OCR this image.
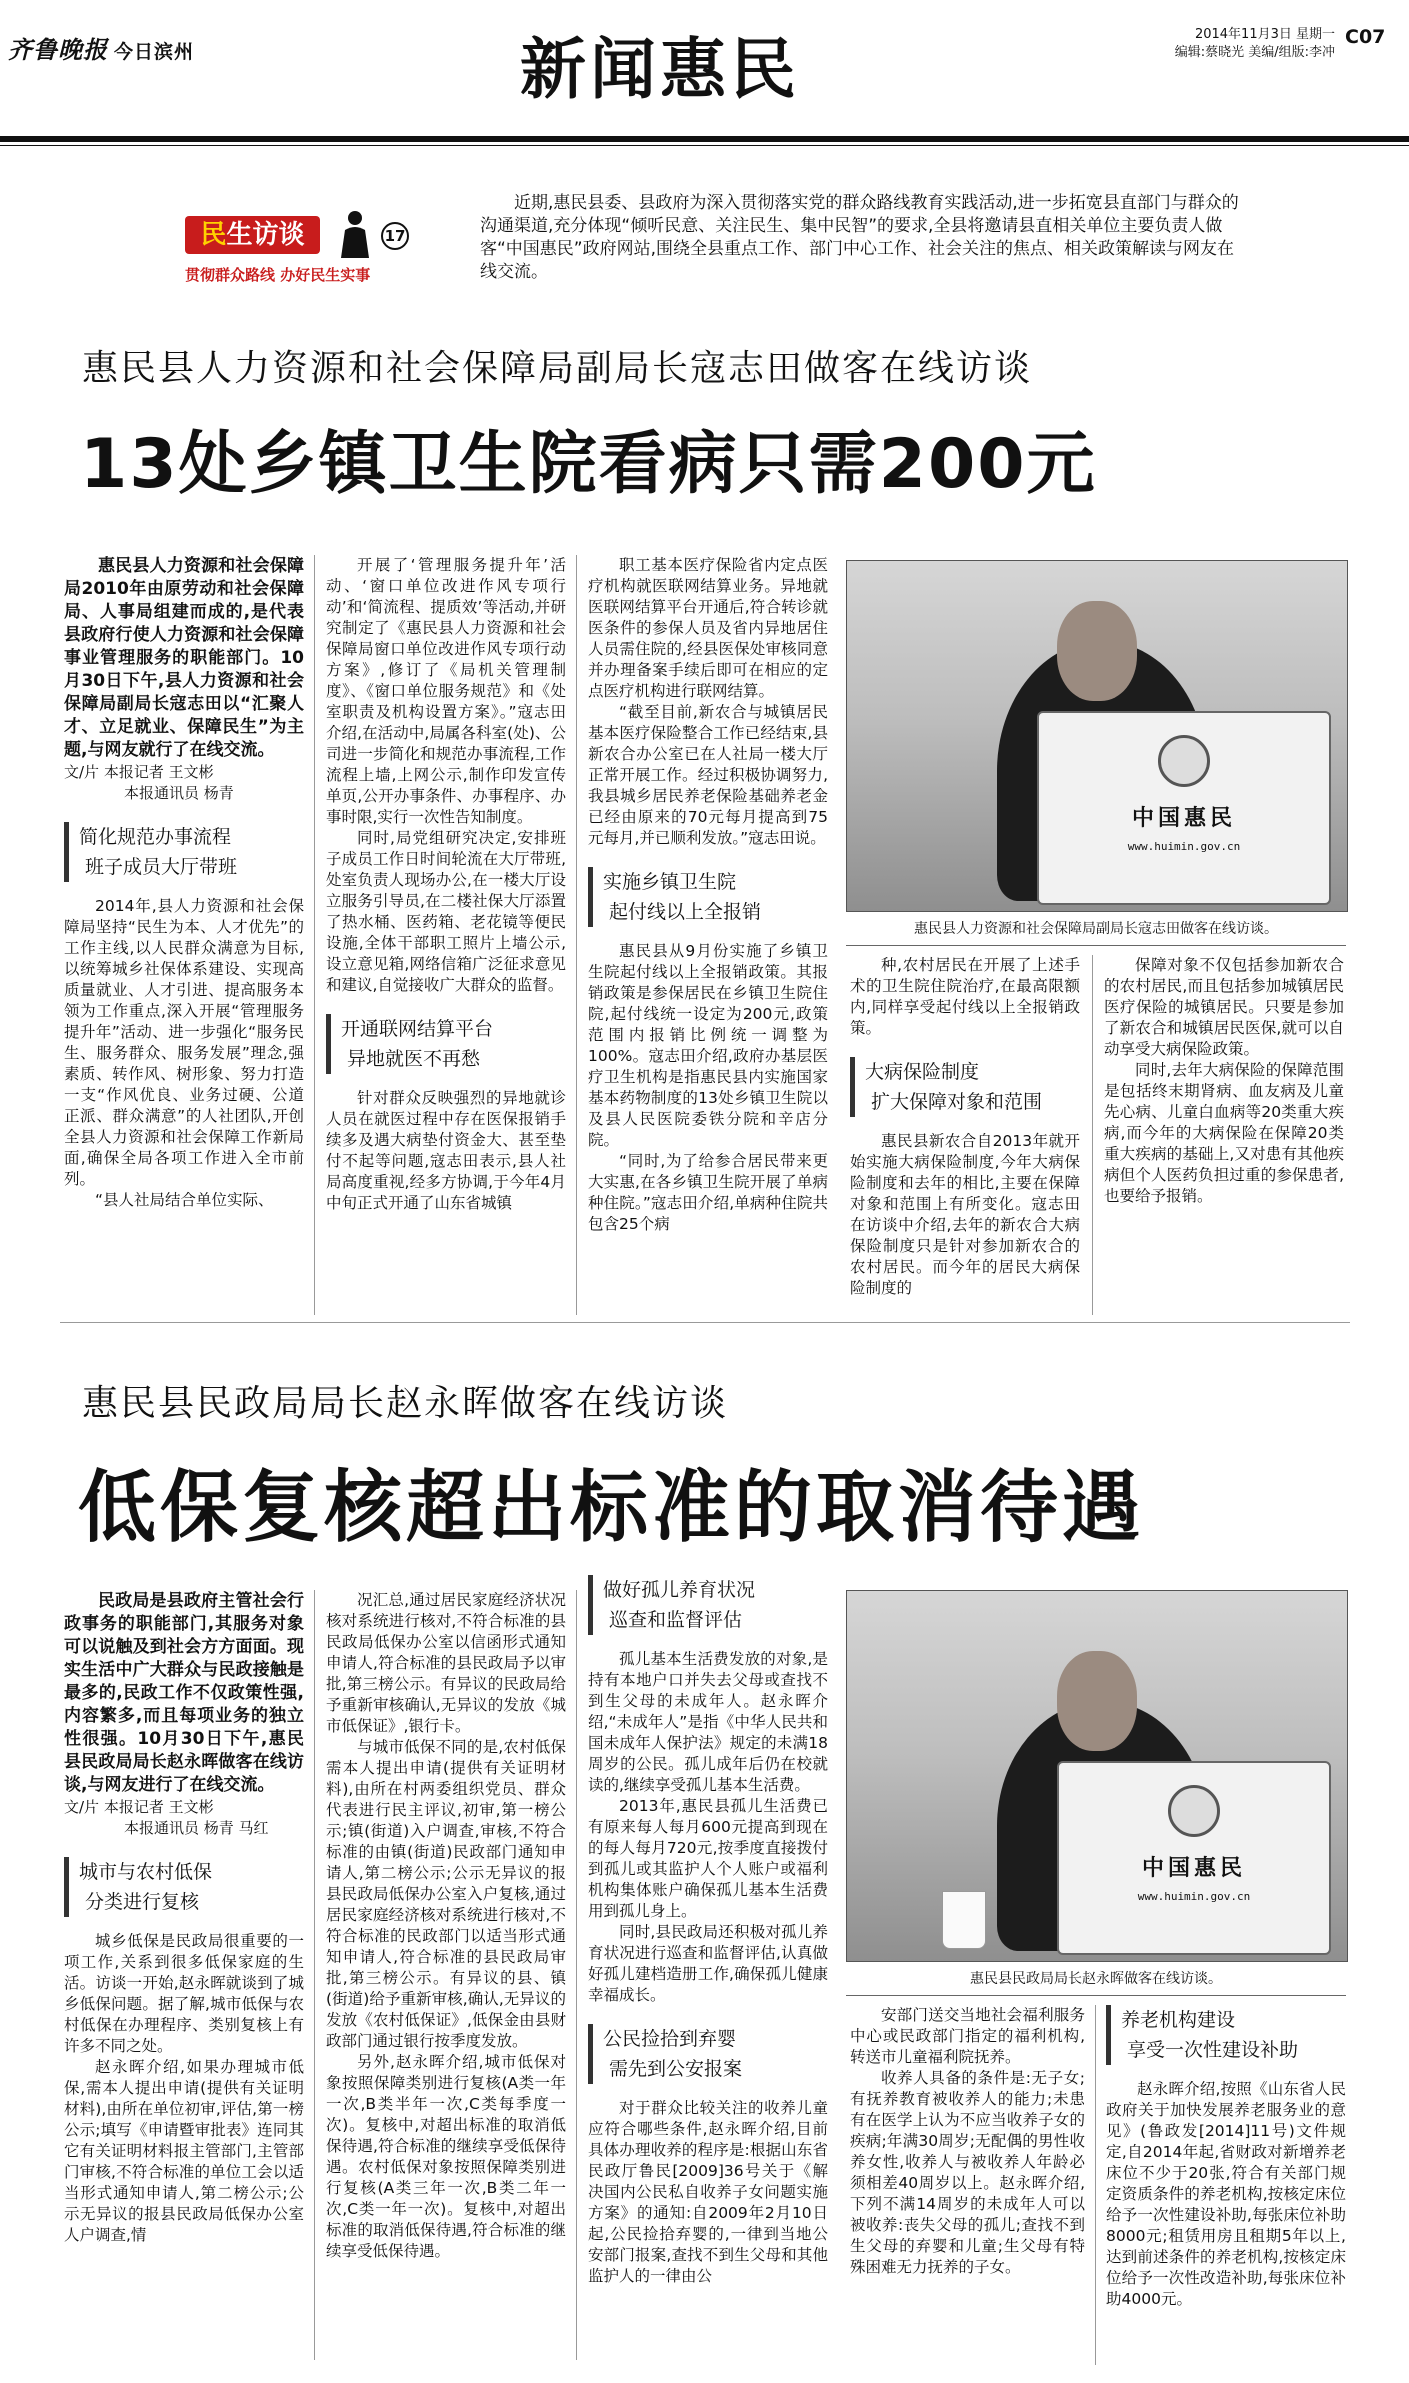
齐鲁晚报 今日滨州	新闻惠民	2014年11月3日 星期一
编辑:蔡晓光 美编/组版:李冲
C07
民生访谈	17
贯彻群众路线 办好民生实事
近期,惠民县委、县政府为深入贯彻落实党的群众路线教育实践活动,进一步拓宽县直部门与群众的沟通渠道,充分体现“倾听民意、关注民生、集中民智”的要求,全县将邀请县直相关单位主要负责人做客“中国惠民”政府网站,围绕全县重点工作、部门中心工作、社会关注的焦点、相关政策解读与网友在线交流。
惠民县人力资源和社会保障局副局长寇志田做客在线访谈
13处乡镇卫生院看病只需200元

惠民县人力资源和社会保障局2010年由原劳动和社会保障局、人事局组建而成的,是代表县政府行使人力资源和社会保障事业管理服务的职能部门。10月30日下午,县人力资源和社会保障局副局长寇志田以“汇聚人才、立足就业、保障民生”为主题,与网友就行了在线交流。

文/片 本报记者 王文彬
本报通讯员 杨青

简化规范办事流程
班子成员大厅带班

2014年,县人力资源和社会保障局坚持“民生为本、人才优先”的工作主线,以人民群众满意为目标,以统筹城乡社保体系建设、实现高质量就业、人才引进、提高服务本领为工作重点,深入开展“管理服务提升年”活动、进一步强化“服务民生、服务群众、服务发展”理念,强素质、转作风、树形象、努力打造一支“作风优良、业务过硬、公道正派、群众满意”的人社团队,开创全县人力资源和社会保障工作新局面,确保全局各项工作进入全市前列。

“县人社局结合单位实际、

开展了‘管理服务提升年’活动、‘窗口单位改进作风专项行动’和‘简流程、提质效’等活动,并研究制定了《惠民县人力资源和社会保障局窗口单位改进作风专项行动方案》,修订了《局机关管理制度》、《窗口单位服务规范》和《处室职责及机构设置方案》。”寇志田介绍,在活动中,局属各科室(处)、公司进一步简化和规范办事流程,工作流程上墙,上网公示,制作印发宣传单页,公开办事条件、办事程序、办事时限,实行一次性告知制度。

同时,局党组研究决定,安排班子成员工作日时间轮流在大厅带班,处室负责人现场办公,在一楼大厅设立服务引导员,在二楼社保大厅添置了热水桶、医药箱、老花镜等便民设施,全体干部职工照片上墙公示,设立意见箱,网络信箱广泛征求意见和建议,自觉接收广大群众的监督。

开通联网结算平台
异地就医不再愁

针对群众反映强烈的异地就诊人员在就医过程中存在医保报销手续多及遇大病垫付资金大、甚至垫付不起等问题,寇志田表示,县人社局高度重视,经多方协调,于今年4月中旬正式开通了山东省城镇

职工基本医疗保险省内定点医疗机构就医联网结算业务。异地就医联网结算平台开通后,符合转诊就医条件的参保人员及省内异地居住人员需住院的,经县医保处审核同意并办理备案手续后即可在相应的定点医疗机构进行联网结算。

“截至目前,新农合与城镇居民基本医疗保险整合工作已经结束,县新农合办公室已在人社局一楼大厅正常开展工作。经过积极协调努力,我县城乡居民养老保险基础养老金已经由原来的70元每月提高到75元每月,并已顺利发放。”寇志田说。

实施乡镇卫生院
起付线以上全报销

惠民县从9月份实施了乡镇卫生院起付线以上全报销政策。其报销政策是参保居民在乡镇卫生院住院,起付线统一设定为200元,政策范围内报销比例统一调整为100%。寇志田介绍,政府办基层医疗卫生机构是指惠民县内实施国家基本药物制度的13处乡镇卫生院以及县人民医院委铁分院和辛店分院。

“同时,为了给参合居民带来更大实惠,在各乡镇卫生院开展了单病种住院。”寇志田介绍,单病种住院共包含25个病

中国惠民
www.huimin.gov.cn
惠民县人力资源和社会保障局副局长寇志田做客在线访谈。

种,农村居民在开展了上述手术的卫生院住院治疗,在最高限额内,同样享受起付线以上全报销政策。

大病保险制度
扩大保障对象和范围

惠民县新农合自2013年就开始实施大病保险制度,今年大病保险制度和去年的相比,主要在保障对象和范围上有所变化。寇志田在访谈中介绍,去年的新农合大病保险制度只是针对参加新农合的农村居民。而今年的居民大病保险制度的

保障对象不仅包括参加新农合的农村居民,而且包括参加城镇居民医疗保险的城镇居民。只要是参加了新农合和城镇居民医保,就可以自动享受大病保险政策。

同时,去年大病保险的保障范围是包括终末期肾病、血友病及儿童先心病、儿童白血病等20类重大疾病,而今年的大病保险在保障20类重大疾病的基础上,又对患有其他疾病但个人医药负担过重的参保患者,也要给予报销。

惠民县民政局局长赵永晖做客在线访谈
低保复核超出标准的取消待遇

民政局是县政府主管社会行政事务的职能部门,其服务对象可以说触及到社会方方面面。现实生活中广大群众与民政接触是最多的,民政工作不仅政策性强,内容繁多,而且每项业务的独立性很强。10月30日下午,惠民县民政局局长赵永晖做客在线访谈,与网友进行了在线交流。

文/片 本报记者 王文彬
本报通讯员 杨青 马红

城市与农村低保
分类进行复核

城乡低保是民政局很重要的一项工作,关系到很多低保家庭的生活。访谈一开始,赵永晖就谈到了城乡低保问题。据了解,城市低保与农村低保在办理程序、类别复核上有许多不同之处。

赵永晖介绍,如果办理城市低保,需本人提出申请(提供有关证明材料),由所在单位初审,评估,第一榜公示;填写《申请暨审批表》连同其它有关证明材料报主管部门,主管部门审核,不符合标准的单位工会以适当形式通知申请人,第二榜公示;公示无异议的报县民政局低保办公室人户调查,情

况汇总,通过居民家庭经济状况核对系统进行核对,不符合标准的县民政局低保办公室以信函形式通知申请人,符合标准的县民政局予以审批,第三榜公示。有异议的民政局给予重新审核确认,无异议的发放《城市低保证》,银行卡。

与城市低保不同的是,农村低保需本人提出申请(提供有关证明材料),由所在村两委组织党员、群众代表进行民主评议,初审,第一榜公示;镇(街道)入户调查,审核,不符合标准的由镇(街道)民政部门通知申请人,第二榜公示;公示无异议的报县民政局低保办公室入户复核,通过居民家庭经济核对系统进行核对,不符合标准的民政部门以适当形式通知申请人,符合标准的县民政局审批,第三榜公示。有异议的县、镇(街道)给予重新审核,确认,无异议的发放《农村低保证》,低保金由县财政部门通过银行按季度发放。

另外,赵永晖介绍,城市低保对象按照保障类别进行复核(A类一年一次,B类半年一次,C类每季度一次)。复核中,对超出标准的取消低保待遇,符合标准的继续享受低保待遇。农村低保对象按照保障类别进行复核(A类三年一次,B类二年一次,C类一年一次)。复核中,对超出标准的取消低保待遇,符合标准的继续享受低保待遇。

做好孤儿养育状况
巡查和监督评估

孤儿基本生活费发放的对象,是持有本地户口并失去父母或查找不到生父母的未成年人。赵永晖介绍,“未成年人”是指《中华人民共和国未成年人保护法》规定的未满18周岁的公民。孤儿成年后仍在校就读的,继续享受孤儿基本生活费。

2013年,惠民县孤儿生活费已有原来每人每月600元提高到现在的每人每月720元,按季度直接拨付到孤儿或其监护人个人账户或福利机构集体账户确保孤儿基本生活费用到孤儿身上。

同时,县民政局还积极对孤儿养育状况进行巡查和监督评估,认真做好孤儿建档造册工作,确保孤儿健康幸福成长。

公民捡拾到弃婴
需先到公安报案

对于群众比较关注的收养儿童应符合哪些条件,赵永晖介绍,目前具体办理收养的程序是:根据山东省民政厅鲁民[2009]36号关于《解决国内公民私自收养子女问题实施方案》的通知:自2009年2月10日起,公民捡拾弃婴的,一律到当地公安部门报案,查找不到生父母和其他监护人的一律由公

中国惠民
www.huimin.gov.cn
惠民县民政局局长赵永晖做客在线访谈。

安部门送交当地社会福利服务中心或民政部门指定的福利机构,转送市儿童福利院抚养。

收养人具备的条件是:无子女;有抚养教育被收养人的能力;未患有在医学上认为不应当收养子女的疾病;年满30周岁;无配偶的男性收养女性,收养人与被收养人年龄必须相差40周岁以上。赵永晖介绍,下列不满14周岁的未成年人可以被收养:丧失父母的孤儿;查找不到生父母的弃婴和儿童;生父母有特殊困难无力抚养的子女。

养老机构建设
享受一次性建设补助

赵永晖介绍,按照《山东省人民政府关于加快发展养老服务业的意见》(鲁政发[2014]11号)文件规定,自2014年起,省财政对新增养老床位不少于20张,符合有关部门规定资质条件的养老机构,按核定床位给予一次性建设补助,每张床位补助8000元;租赁用房且租期5年以上,达到前述条件的养老机构,按核定床位给予一次性改造补助,每张床位补助4000元。
